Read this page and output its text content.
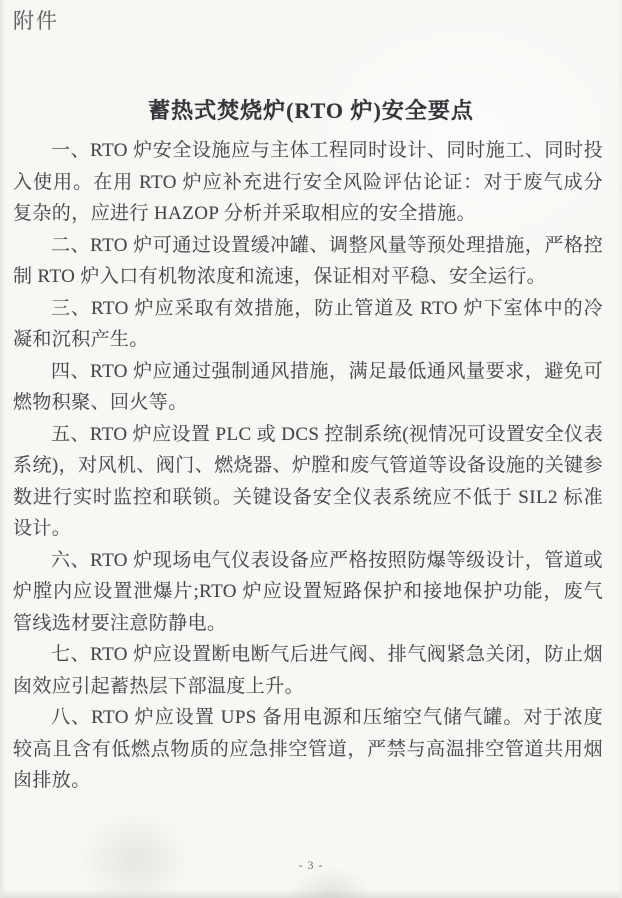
附件
蓄热式焚烧炉(RTO 炉)安全要点

一、RTO 炉安全设施应与主体工程同时设计、同时施工、同时投入使用。在用 RTO 炉应补充进行安全风险评估论证：对于废气成分复杂的，应进行 HAZOP 分析并采取相应的安全措施。

二、RTO 炉可通过设置缓冲罐、调整风量等预处理措施，严格控制 RTO 炉入口有机物浓度和流速，保证相对平稳、安全运行。

三、RTO 炉应采取有效措施，防止管道及 RTO 炉下室体中的冷凝和沉积产生。

四、RTO 炉应通过强制通风措施，满足最低通风量要求，避免可燃物积聚、回火等。

五、RTO 炉应设置 PLC 或 DCS 控制系统(视情况可设置安全仪表系统)，对风机、阀门、燃烧器、炉膛和废气管道等设备设施的关键参数进行实时监控和联锁。关键设备安全仪表系统应不低于 SIL2 标准设计。

六、RTO 炉现场电气仪表设备应严格按照防爆等级设计，管道或炉膛内应设置泄爆片;RTO 炉应设置短路保护和接地保护功能，废气管线选材要注意防静电。

七、RTO 炉应设置断电断气后进气阀、排气阀紧急关闭，防止烟囱效应引起蓄热层下部温度上升。

八、RTO 炉应设置 UPS 备用电源和压缩空气储气罐。对于浓度较高且含有低燃点物质的应急排空管道，严禁与高温排空管道共用烟囱排放。

- 3 -
